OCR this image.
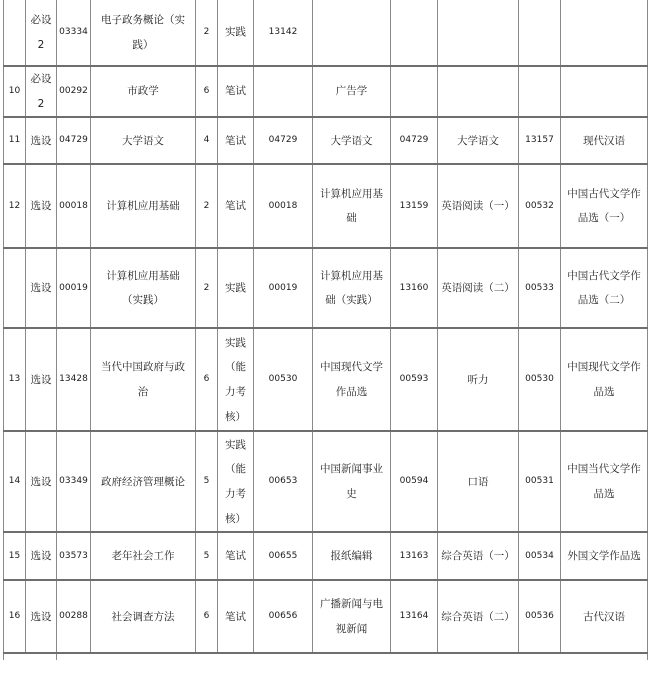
	必设2	03334	电子政务概论（实践）	2	实践	13142					
10	必设2	00292	市政学	6	笔试		广告学				
11	选设	04729	大学语文	4	笔试	04729	大学语文	04729	大学语文	13157	现代汉语
12	选设	00018	计算机应用基础	2	笔试	00018	计算机应用基础	13159	英语阅读（一）	00532	中国古代文学作品选（一）
	选设	00019	计算机应用基础（实践）	2	实践	00019	计算机应用基础（实践）	13160	英语阅读（二）	00533	中国古代文学作品选（二）
13	选设	13428	当代中国政府与政治	6	实践（能力考核）	00530	中国现代文学作品选	00593	听力	00530	中国现代文学作品选
14	选设	03349	政府经济管理概论	5	实践（能力考核）	00653	中国新闻事业史	00594	口语	00531	中国当代文学作品选
15	选设	03573	老年社会工作	5	笔试	00655	报纸编辑	13163	综合英语（一）	00534	外国文学作品选
16	选设	00288	社会调查方法	6	笔试	00656	广播新闻与电视新闻	13164	综合英语（二）	00536	古代汉语
